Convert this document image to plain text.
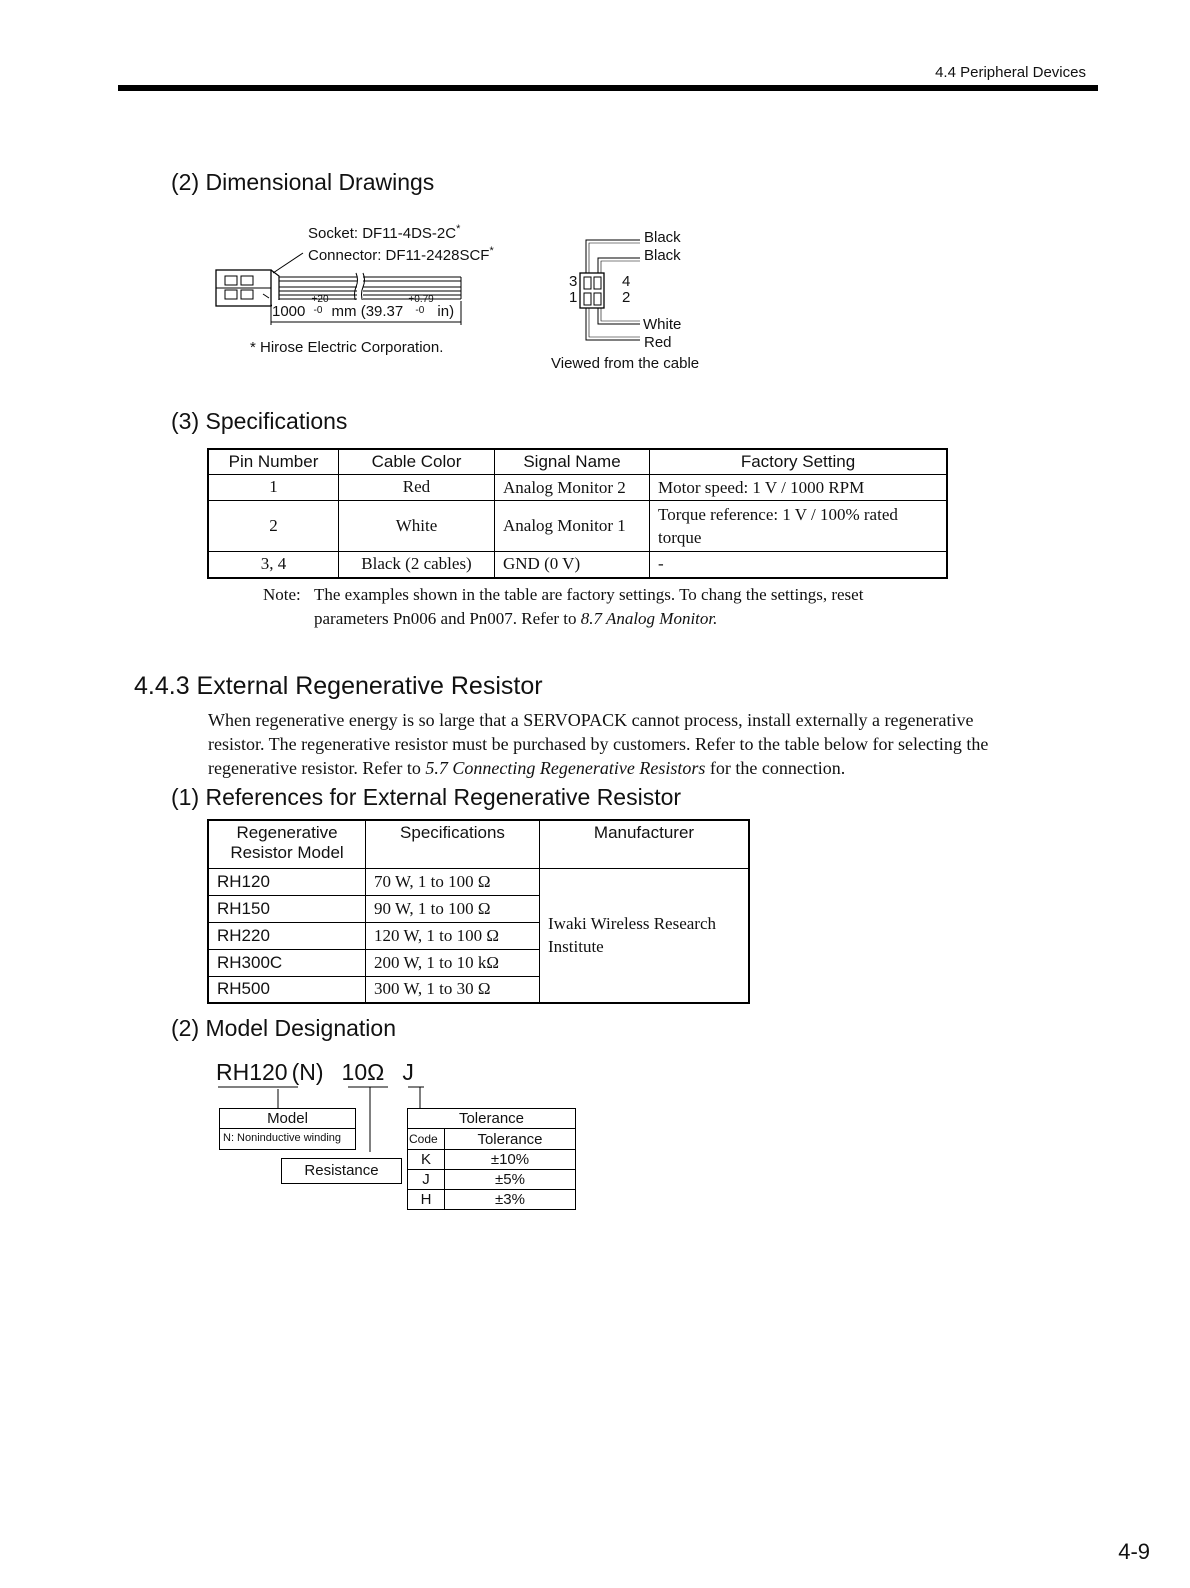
4.4 Peripheral Devices
(2) Dimensional Drawings
Socket: DF11-4DS-2C*
Connector: DF11-2428SCF*
1000
+20
-0 mm (39.37
+0.79
-0 in)
* Hirose Electric Corporation.
3	4
1	2
Black
Black
White
Red
Viewed from the cable
(3) Specifications
Pin Number	Cable Color	Signal Name	Factory Setting
1	Red	Analog Monitor 2	Motor speed: 1 V / 1000 RPM
2	White	Analog Monitor 1	Torque reference: 1 V / 100% rated torque
3, 4	Black (2 cables)	GND (0 V)	-
Note: The examples shown in the table are factory settings. To chang the settings, reset
parameters Pn006 and Pn007. Refer to 8.7 Analog Monitor.
4.4.3 External Regenerative Resistor
When regenerative energy is so large that a SERVOPACK cannot process, install externally a regenerative
resistor. The regenerative resistor must be purchased by customers. Refer to the table below for selecting the
regenerative resistor. Refer to 5.7 Connecting Regenerative Resistors for the connection.
(1) References for External Regenerative Resistor
Regenerative
Resistor Model	Specifications	Manufacturer
RH120	70 W, 1 to 100 Ω	Iwaki Wireless Research
Institute
RH150	90 W, 1 to 100 Ω	
RH220	120 W, 1 to 100 Ω	
RH300C	200 W, 1 to 10 kΩ	
RH500	300 W, 1 to 30 Ω	
(2) Model Designation
RH120 (N) 10Ω J
Model
N: Noninductive winding
Resistance
Tolerance	
Code	Tolerance
K	±10%
J	±5%
H	±3%
4-9
